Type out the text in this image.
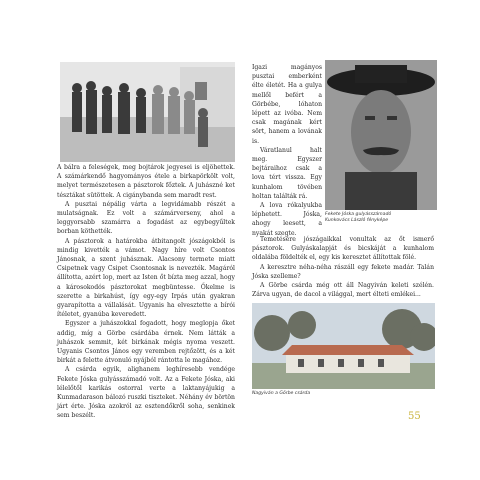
A bálra a feleségek, meg bojtárok jegyesei is eljöhettek. A számárkendő hagyományos étele a birkapörkölt volt, melyet természetesen a pásztorok főztek. A juhászné ket tésztákat sütöttek. A cigánybanda sem maradt rest.

A pusztai népálig várta a legvidámabb részét a mulatságnak. Ez volt a számárverseny, ahol a leggyorsabb szamárra a fogadást az egybegyűltek borban köthették.

A pásztorok a határokba átbitangolt jószágokból is mindig kivették a vámot. Nagy híre volt Csontos Jánosnak, a szent juhásznak. Alacsony termete miatt Csipetnek vagy Csipet Csontosnak is nevezték. Magáról állította, azért lop, mert az Isten őt bízta meg azzal, hogy a károsokodós pásztorokat megbüntesse. Őkelme is szerette a birkahúst, így egy-egy Irpás után gyakran gyarapította a vállalását. Ugyanis ha elvesztette a bírói ítéletet, gyanúba keveredett.

Egyszer a juhászokkal fogadott, hogy meglopja őket addig, míg a Görbe csárdába érnek. Nem látták a juhászok semmit, két birkának mégis nyoma veszett. Ugyanis Csontos János egy veremben rejtőzött, és a két birkát a felette átvonuló nyájból rántotta le magához.

A csárda egyik, alighanem leghíresebb vendége Fekete Jóska gulyásszámadó volt. Az a Fekete Jóska, aki lélelőtől karikás ostorral verte a laktanyájukig a Kunmadarason bálozó ruszki tiszteket. Néhány év börtön járt érte. Jóska azokról az esztendőkről soha, senkinek sem beszélt.

Igazi magányos pusztai emberként élte életét. Ha a gulya mellől befért a Görbébe, lóhaton lépett az ivóba. Nem csak magának kért sört, hanem a lovának is.

Váratlanul halt meg. Egyszer bejtáraihoz csak a lova tért vissza. Egy kunhalom tövében holtan találták rá.

A lova rókalyukba léphetett. Jóska, ahogy leesett, a nyakát szegte.

Temetésére jószágaikkal vonultak az őt ismerő pásztorok. Gulyáskalapját és bicskáját a kunhalom oldalába földelték el, egy kis keresztet állítottak fölé.

A keresztre néha-néha rászáll egy fekete madár. Talán Jóska szelleme?

A Görbe csárda még ott áll Nagyiván keleti szélén. Zárva ugyan, de dacol a világgal, mert élteti emlékei...

Fekete Jóska gulyásszámadó
Kunkovács László fényképe
Nagyiván a Görbe csárda
55
